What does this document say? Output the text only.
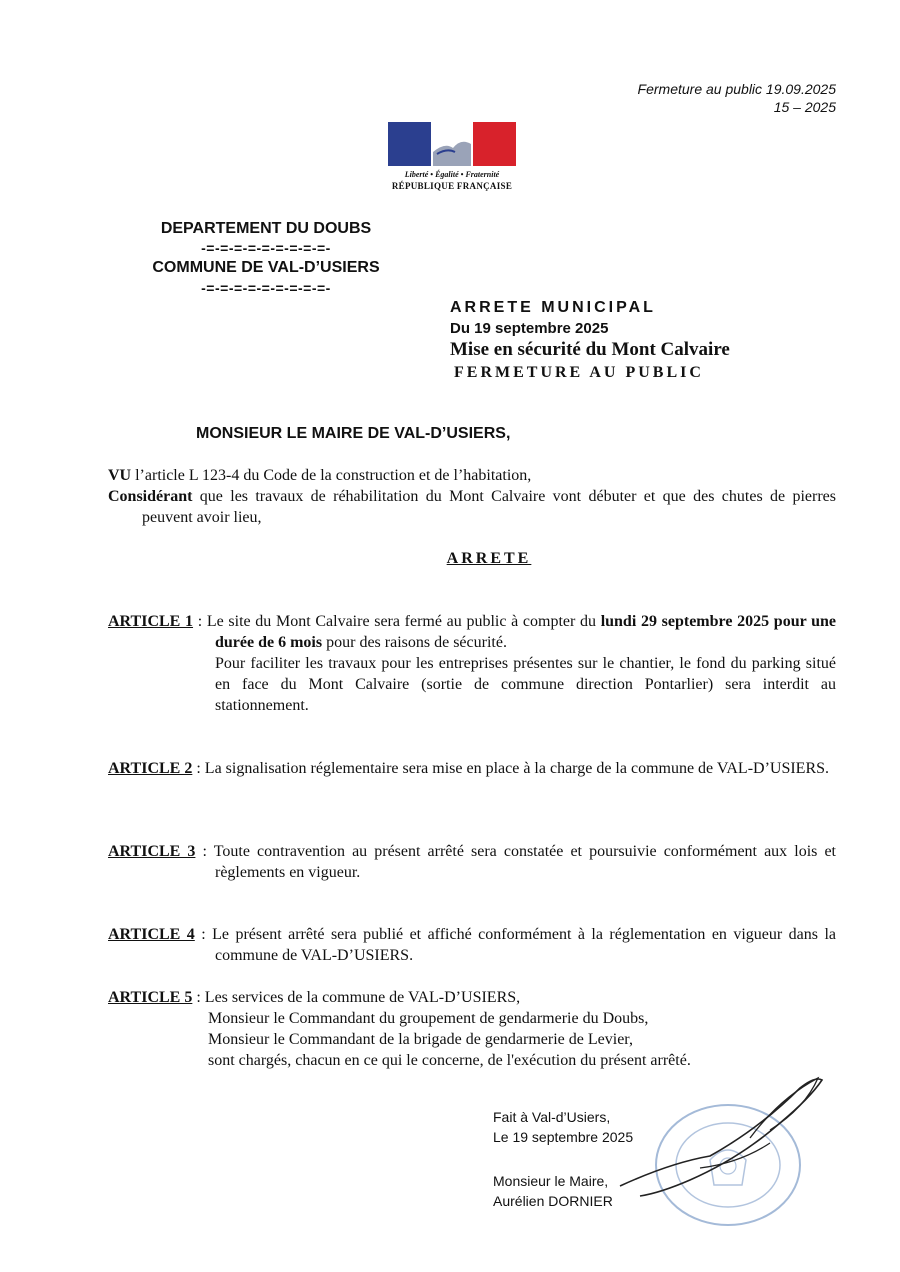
Fermeture au public 19.09.2025
15 – 2025
Liberté • Égalité • Fraternité
RÉPUBLIQUE FRANÇAISE
DEPARTEMENT DU DOUBS
-=-=-=-=-=-=-=-=-=-
COMMUNE DE VAL-D’USIERS
-=-=-=-=-=-=-=-=-=-
ARRETE MUNICIPAL
Du 19 septembre 2025
Mise en sécurité du Mont Calvaire
FERMETURE AU PUBLIC
MONSIEUR LE MAIRE DE VAL-D’USIERS,
VU l’article L 123-4 du Code de la construction et de l’habitation,
Considérant que les travaux de réhabilitation du Mont Calvaire vont débuter et que des chutes de pierres peuvent avoir lieu,
ARRETE
ARTICLE 1 : Le site du Mont Calvaire sera fermé au public à compter du lundi 29 septembre 2025 pour une durée de 6 mois pour des raisons de sécurité.
Pour faciliter les travaux pour les entreprises présentes sur le chantier, le fond du parking situé en face du Mont Calvaire (sortie de commune direction Pontarlier) sera interdit au stationnement.
ARTICLE 2 : La signalisation réglementaire sera mise en place à la charge de la commune de VAL-D’USIERS.
ARTICLE 3 : Toute contravention au présent arrêté sera constatée et poursuivie conformément aux lois et règlements en vigueur.
ARTICLE 4 : Le présent arrêté sera publié et affiché conformément à la réglementation en vigueur dans la commune de VAL-D’USIERS.
ARTICLE 5 : Les services de la commune de VAL-D’USIERS,
Monsieur le Commandant du groupement de gendarmerie du Doubs,
Monsieur le Commandant de la brigade de gendarmerie de Levier,
sont chargés, chacun en ce qui le concerne, de l'exécution du présent arrêté.
Fait à Val-d’Usiers,
Le 19 septembre 2025
Monsieur le Maire,
Aurélien DORNIER
